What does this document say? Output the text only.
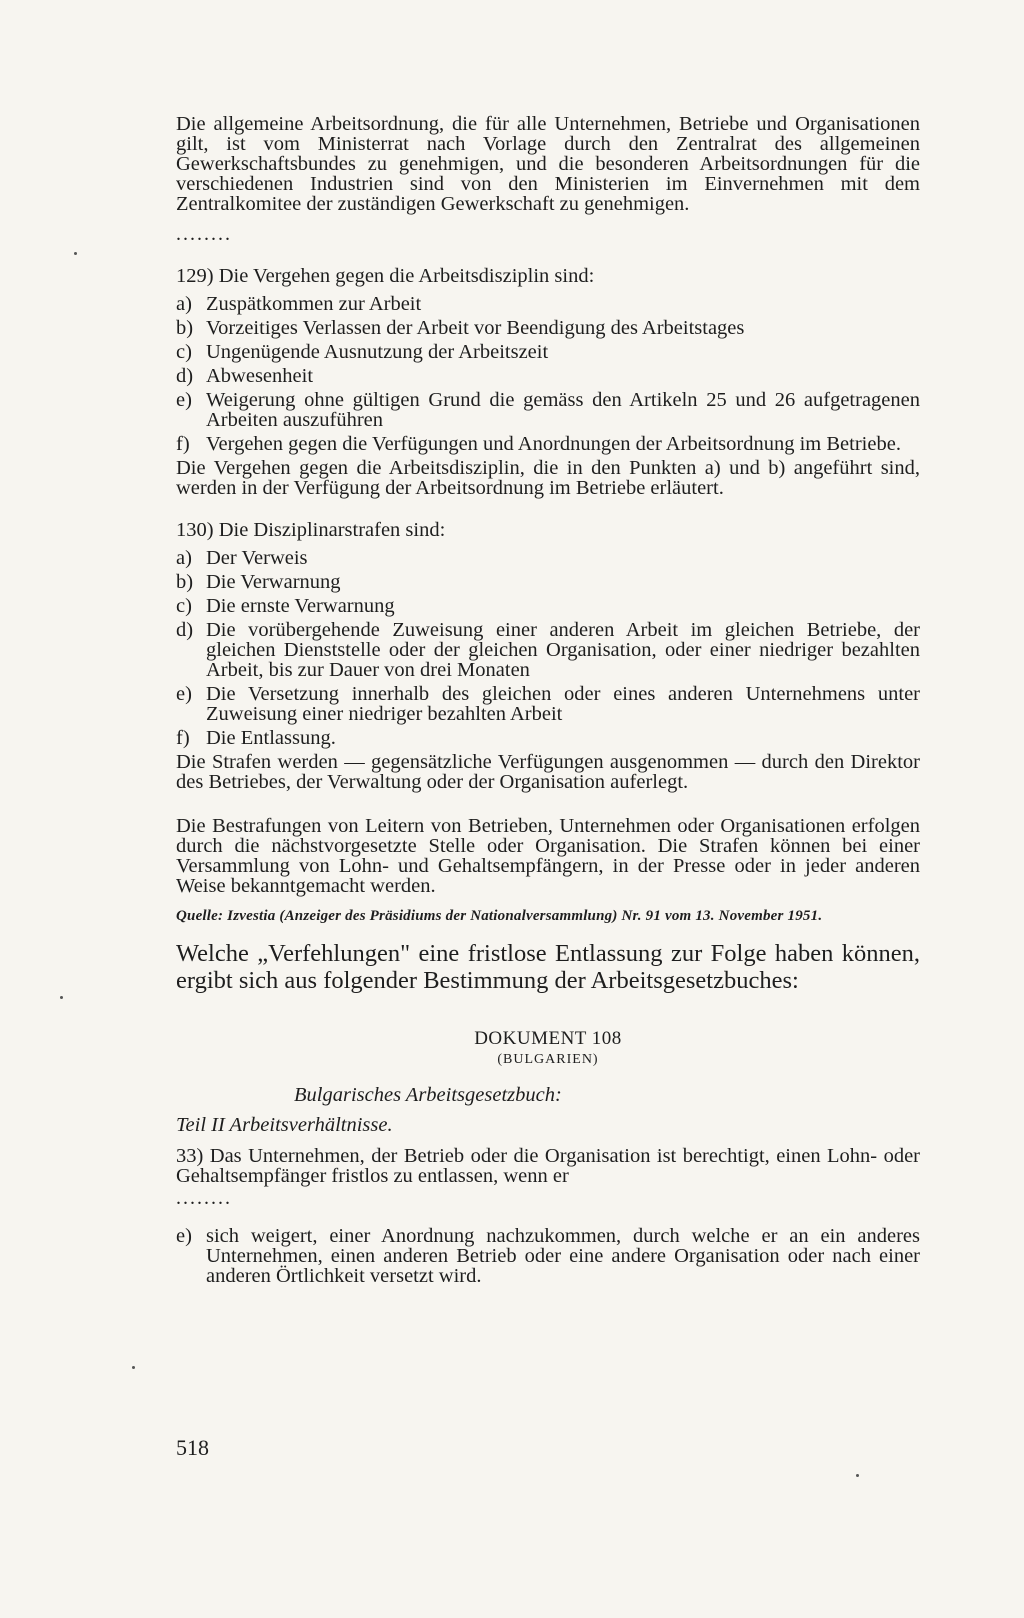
Die allgemeine Arbeitsordnung, die für alle Unternehmen, Betriebe und Organisationen gilt, ist vom Ministerrat nach Vorlage durch den Zentralrat des allgemeinen Gewerkschaftsbundes zu genehmigen, und die besonderen Arbeitsordnungen für die verschiedenen Industrien sind von den Ministerien im Einvernehmen mit dem Zentralkomitee der zuständigen Gewerkschaft zu genehmigen.

........

129) Die Vergehen gegen die Arbeitsdisziplin sind:

a) Zuspätkommen zur Arbeit
b) Vorzeitiges Verlassen der Arbeit vor Beendigung des Arbeitstages
c) Ungenügende Ausnutzung der Arbeitszeit
d) Abwesenheit
e) Weigerung ohne gültigen Grund die gemäss den Artikeln 25 und 26 aufgetragenen Arbeiten auszuführen
f) Vergehen gegen die Verfügungen und Anordnungen der Arbeitsordnung im Betriebe.

Die Vergehen gegen die Arbeitsdisziplin, die in den Punkten a) und b) angeführt sind, werden in der Verfügung der Arbeitsordnung im Betriebe erläutert.

130) Die Disziplinarstrafen sind:

a) Der Verweis
b) Die Verwarnung
c) Die ernste Verwarnung
d) Die vorübergehende Zuweisung einer anderen Arbeit im gleichen Betriebe, der gleichen Dienststelle oder der gleichen Organisation, oder einer niedriger bezahlten Arbeit, bis zur Dauer von drei Monaten
e) Die Versetzung innerhalb des gleichen oder eines anderen Unternehmens unter Zuweisung einer niedriger bezahlten Arbeit
f) Die Entlassung.

Die Strafen werden — gegensätzliche Verfügungen ausgenommen — durch den Direktor des Betriebes, der Verwaltung oder der Organisation auferlegt.

Die Bestrafungen von Leitern von Betrieben, Unternehmen oder Organisationen erfolgen durch die nächstvorgesetzte Stelle oder Organisation. Die Strafen können bei einer Versammlung von Lohn- und Gehaltsempfängern, in der Presse oder in jeder anderen Weise bekanntgemacht werden.

Quelle: Izvestia (Anzeiger des Präsidiums der Nationalversammlung) Nr. 91 vom 13. November 1951.

Welche „Verfehlungen" eine fristlose Entlassung zur Folge haben können, ergibt sich aus folgender Bestimmung der Arbeitsgesetzbuches:

DOKUMENT 108
(BULGARIEN)
Bulgarisches Arbeitsgesetzbuch:
Teil II Arbeitsverhältnisse.

33) Das Unternehmen, der Betrieb oder die Organisation ist berechtigt, einen Lohn- oder Gehaltsempfänger fristlos zu entlassen, wenn er

........
e) sich weigert, einer Anordnung nachzukommen, durch welche er an ein anderes Unternehmen, einen anderen Betrieb oder eine andere Organisation oder nach einer anderen Örtlichkeit versetzt wird.
518
